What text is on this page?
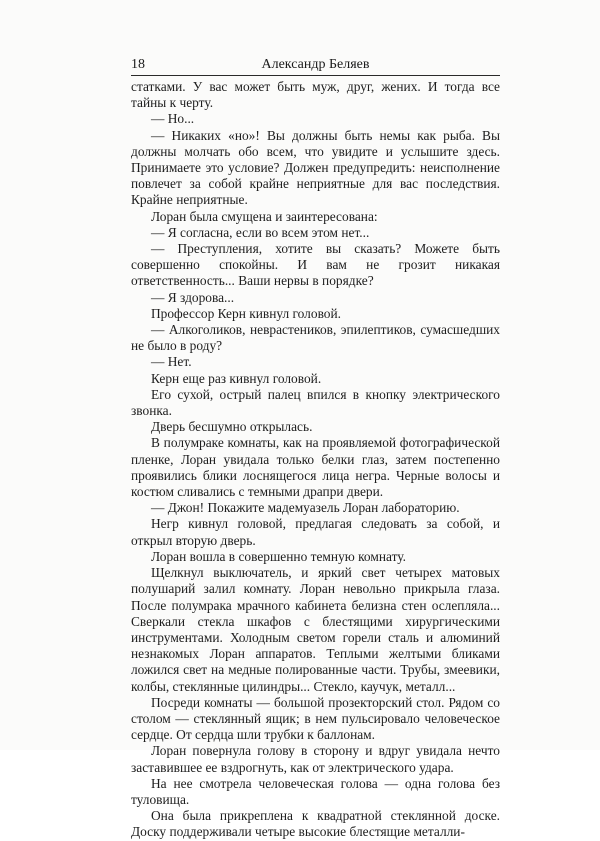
18	Александр Беляев

статками. У вас может быть муж, друг, жених. И тогда все тайны к черту.

— Но...

— Никаких «но»! Вы должны быть немы как рыба. Вы должны молчать обо всем, что увидите и услышите здесь. Принимаете это условие? Должен предупредить: неисполнение повлечет за собой крайне неприятные для вас последствия. Крайне неприятные.

Лоран была смущена и заинтересована:

— Я согласна, если во всем этом нет...

— Преступления, хотите вы сказать? Можете быть совершенно спокойны. И вам не грозит никакая ответственность... Ваши нервы в порядке?

— Я здорова...

Профессор Керн кивнул головой.

— Алкоголиков, неврастеников, эпилептиков, сумасшедших не было в роду?

— Нет.

Керн еще раз кивнул головой.

Его сухой, острый палец впился в кнопку электрического звонка.

Дверь бесшумно открылась.

В полумраке комнаты, как на проявляемой фотографической пленке, Лоран увидала только белки глаз, затем постепенно проявились блики лоснящегося лица негра. Черные волосы и костюм сливались с темными драпри двери.

— Джон! Покажите мадемуазель Лоран лабораторию.

Негр кивнул головой, предлагая следовать за собой, и открыл вторую дверь.

Лоран вошла в совершенно темную комнату.

Щелкнул выключатель, и яркий свет четырех матовых полушарий залил комнату. Лоран невольно прикрыла глаза. После полумрака мрачного кабинета белизна стен ослепляла... Сверкали стекла шкафов с блестящими хирургическими инструментами. Холодным светом горели сталь и алюминий незнакомых Лоран аппаратов. Теплыми желтыми бликами ложился свет на медные полированные части. Трубы, змеевики, колбы, стеклянные цилиндры... Стекло, каучук, металл...

Посреди комнаты — большой прозекторский стол. Рядом со столом — стеклянный ящик; в нем пульсировало человеческое сердце. От сердца шли трубки к баллонам.

Лоран повернула голову в сторону и вдруг увидала нечто заставившее ее вздрогнуть, как от электрического удара.

На нее смотрела человеческая голова — одна голова без туловища.

Она была прикреплена к квадратной стеклянной доске. Доску поддерживали четыре высокие блестящие металли-
